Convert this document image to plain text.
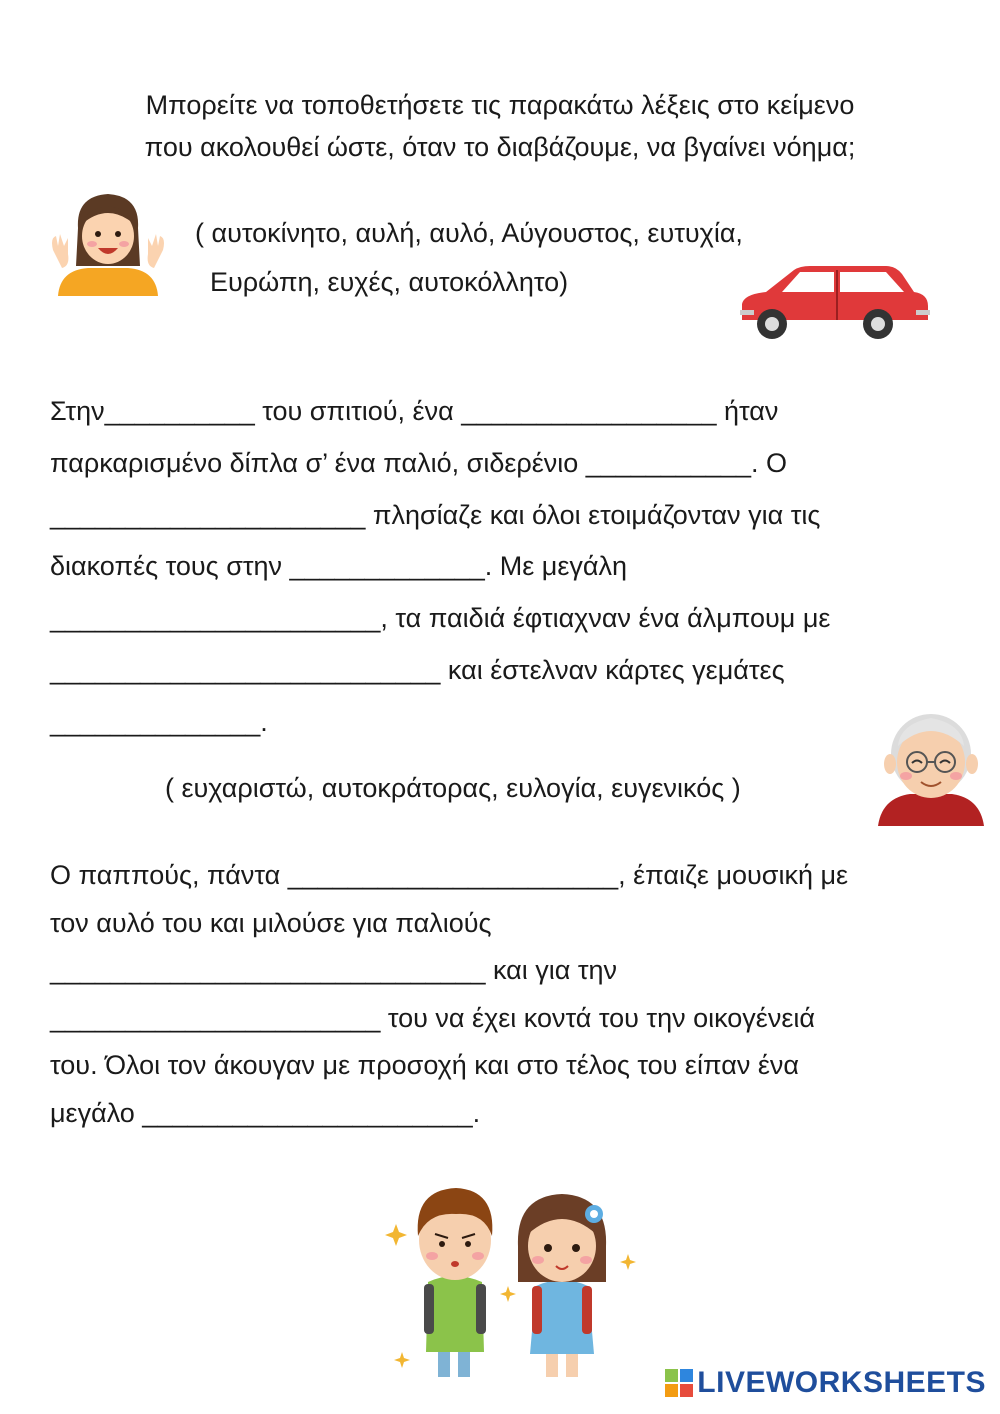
Μπορείτε να τοποθετήσετε τις παρακάτω λέξεις στο κείμενο
που ακολουθεί ώστε, όταν το διαβάζουμε, να βγαίνει νόημα;
( αυτοκίνητο, αυλή, αυλό, Αύγουστος, ευτυχία,
Ευρώπη, ευχές, αυτοκόλλητο)
Στην__________ του σπιτιού, ένα _________________ ήταν
παρκαρισμένο δίπλα σ’ ένα παλιό, σιδερένιο ___________. Ο
_____________________ πλησίαζε και όλοι ετοιμάζονταν για τις
διακοπές τους στην _____________. Με μεγάλη
______________________, τα παιδιά έφτιαχναν ένα άλμπουμ με
__________________________ και έστελναν κάρτες γεμάτες
______________.
( ευχαριστώ, αυτοκράτορας, ευλογία, ευγενικός )
Ο παππούς, πάντα ______________________, έπαιζε μουσική με
τον αυλό του και μιλούσε για παλιούς
_____________________________ και για την
______________________ του να έχει κοντά του την οικογένειά
του. Όλοι τον άκουγαν με προσοχή και στο τέλος του είπαν ένα
μεγάλο ______________________.
LIVEWORKSHEETS
